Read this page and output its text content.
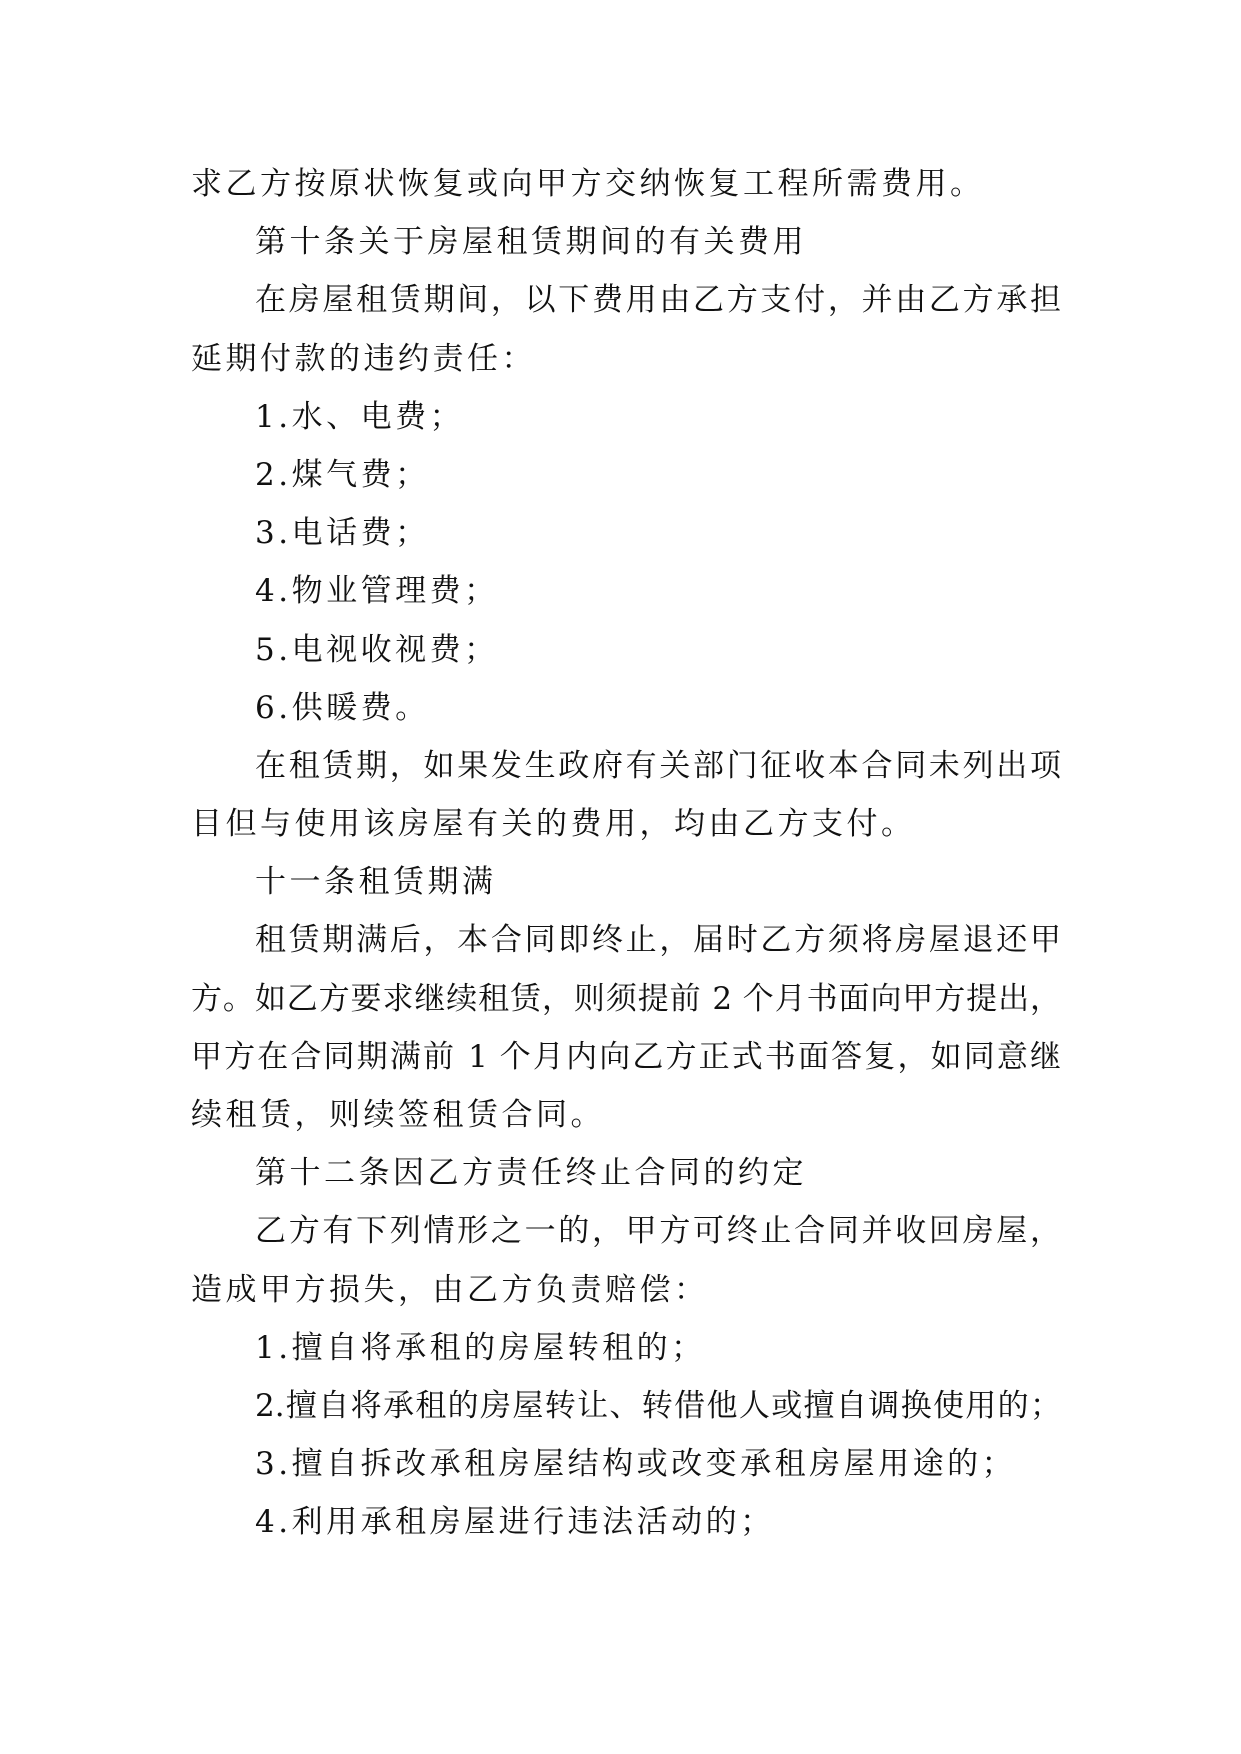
求乙方按原状恢复或向甲方交纳恢复工程所需费用。
第十条关于房屋租赁期间的有关费用
在房屋租赁期间，以下费用由乙方支付，并由乙方承担
延期付款的违约责任：
1.水、电费；
2.煤气费；
3.电话费；
4.物业管理费；
5.电视收视费；
6.供暖费。
在租赁期，如果发生政府有关部门征收本合同未列出项
目但与使用该房屋有关的费用，均由乙方支付。
十一条租赁期满
租赁期满后，本合同即终止，届时乙方须将房屋退还甲
方。如乙方要求继续租赁，则须提前 2 个月书面向甲方提出，
甲方在合同期满前 1 个月内向乙方正式书面答复，如同意继
续租赁，则续签租赁合同。
第十二条因乙方责任终止合同的约定
乙方有下列情形之一的，甲方可终止合同并收回房屋，
造成甲方损失，由乙方负责赔偿：
1.擅自将承租的房屋转租的；
2.擅自将承租的房屋转让、转借他人或擅自调换使用的；
3.擅自拆改承租房屋结构或改变承租房屋用途的；
4.利用承租房屋进行违法活动的；
